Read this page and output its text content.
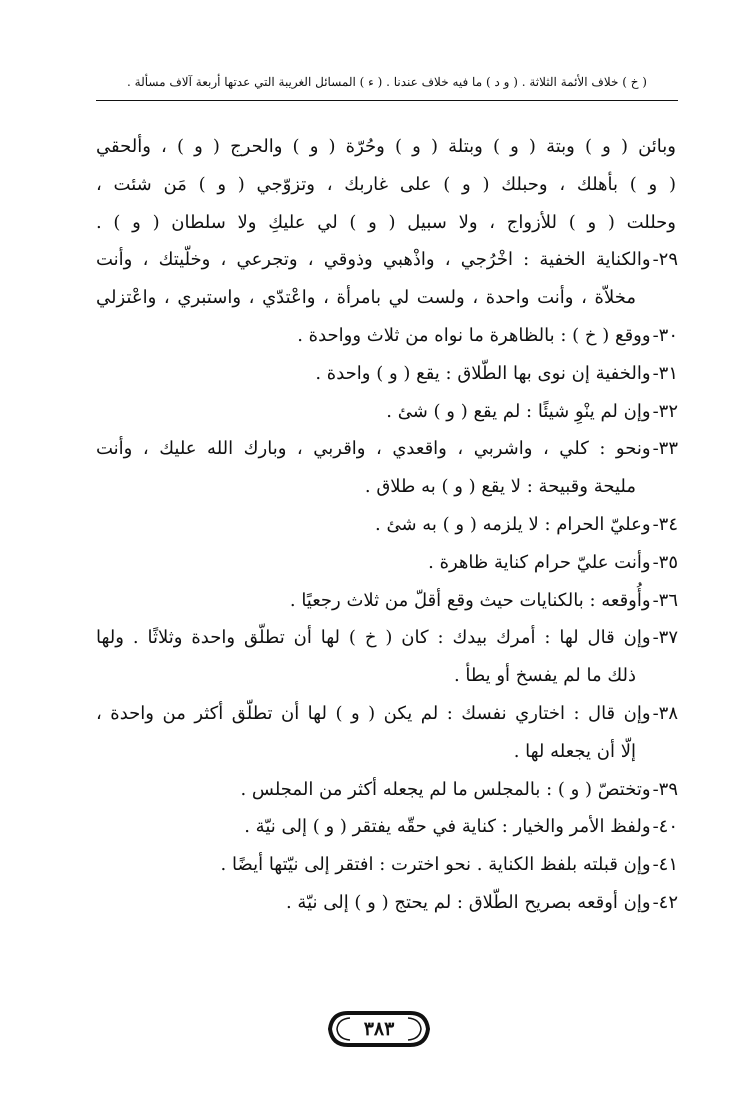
( خ ) خلاف الأئمة الثلاثة . ( و د ) ما فيه خلاف عندنا . ( ء ) المسائل الغريبة التي عدتها أربعة آلاف مسألة .
وبائن ( و ) وبتة ( و ) وبتلة ( و ) وحُرّة ( و ) والحرج ( و ) ، وألحقي
( و ) بأهلك ، وحبلك ( و ) على غاربك ، وتزوّجي ( و ) مَن شئت ،
وحللت ( و ) للأزواج ، ولا سبيل ( و ) لي عليكِ ولا سلطان ( و ) .
٢٩-والكناية الخفية : اخْرُجي ، واذْهبي وذوقي ، وتجرعي ، وخلّيتك ، وأنت
مخلاّة ، وأنت واحدة ، ولست لي بامرأة ، واعْتدّي ، واستبري ، واعْتزلي
٣٠-ووقع ( خ ) : بالظاهرة ما نواه من ثلاث وواحدة .
٣١-والخفية إن نوى بها الطّلاق : يقع ( و ) واحدة .
٣٢-وإن لم ينْوِ شيئًا : لم يقع ( و ) شئ .
٣٣-ونحو : كلي ، واشربي ، واقعدي ، واقربي ، وبارك الله عليك ، وأنت
مليحة وقبيحة : لا يقع ( و ) به طلاق .
٣٤-وعليّ الحرام : لا يلزمه ( و ) به شئ .
٣٥-وأنت عليّ حرام كناية ظاهرة .
٣٦-وأُوقعه : بالكنايات حيث وقع أقلّ من ثلاث رجعيًا .
٣٧-وإن قال لها : أمرك بيدك : كان ( خ ) لها أن تطلّق واحدة وثلاثًا . ولها
ذلك ما لم يفسخ أو يطأ .
٣٨-وإن قال : اختاري نفسك : لم يكن ( و ) لها أن تطلّق أكثر من واحدة ،
إلّا أن يجعله لها .
٣٩-وتختصّ ( و ) : بالمجلس ما لم يجعله أكثر من المجلس .
٤٠-ولفظ الأمر والخيار : كناية في حقّه يفتقر ( و ) إلى نيّة .
٤١-وإن قبلته بلفظ الكناية . نحو اخترت : افتقر إلى نيّتها أيضًا .
٤٢-وإن أوقعه بصريح الطّلاق : لم يحتج ( و ) إلى نيّة .
٣٨٣
